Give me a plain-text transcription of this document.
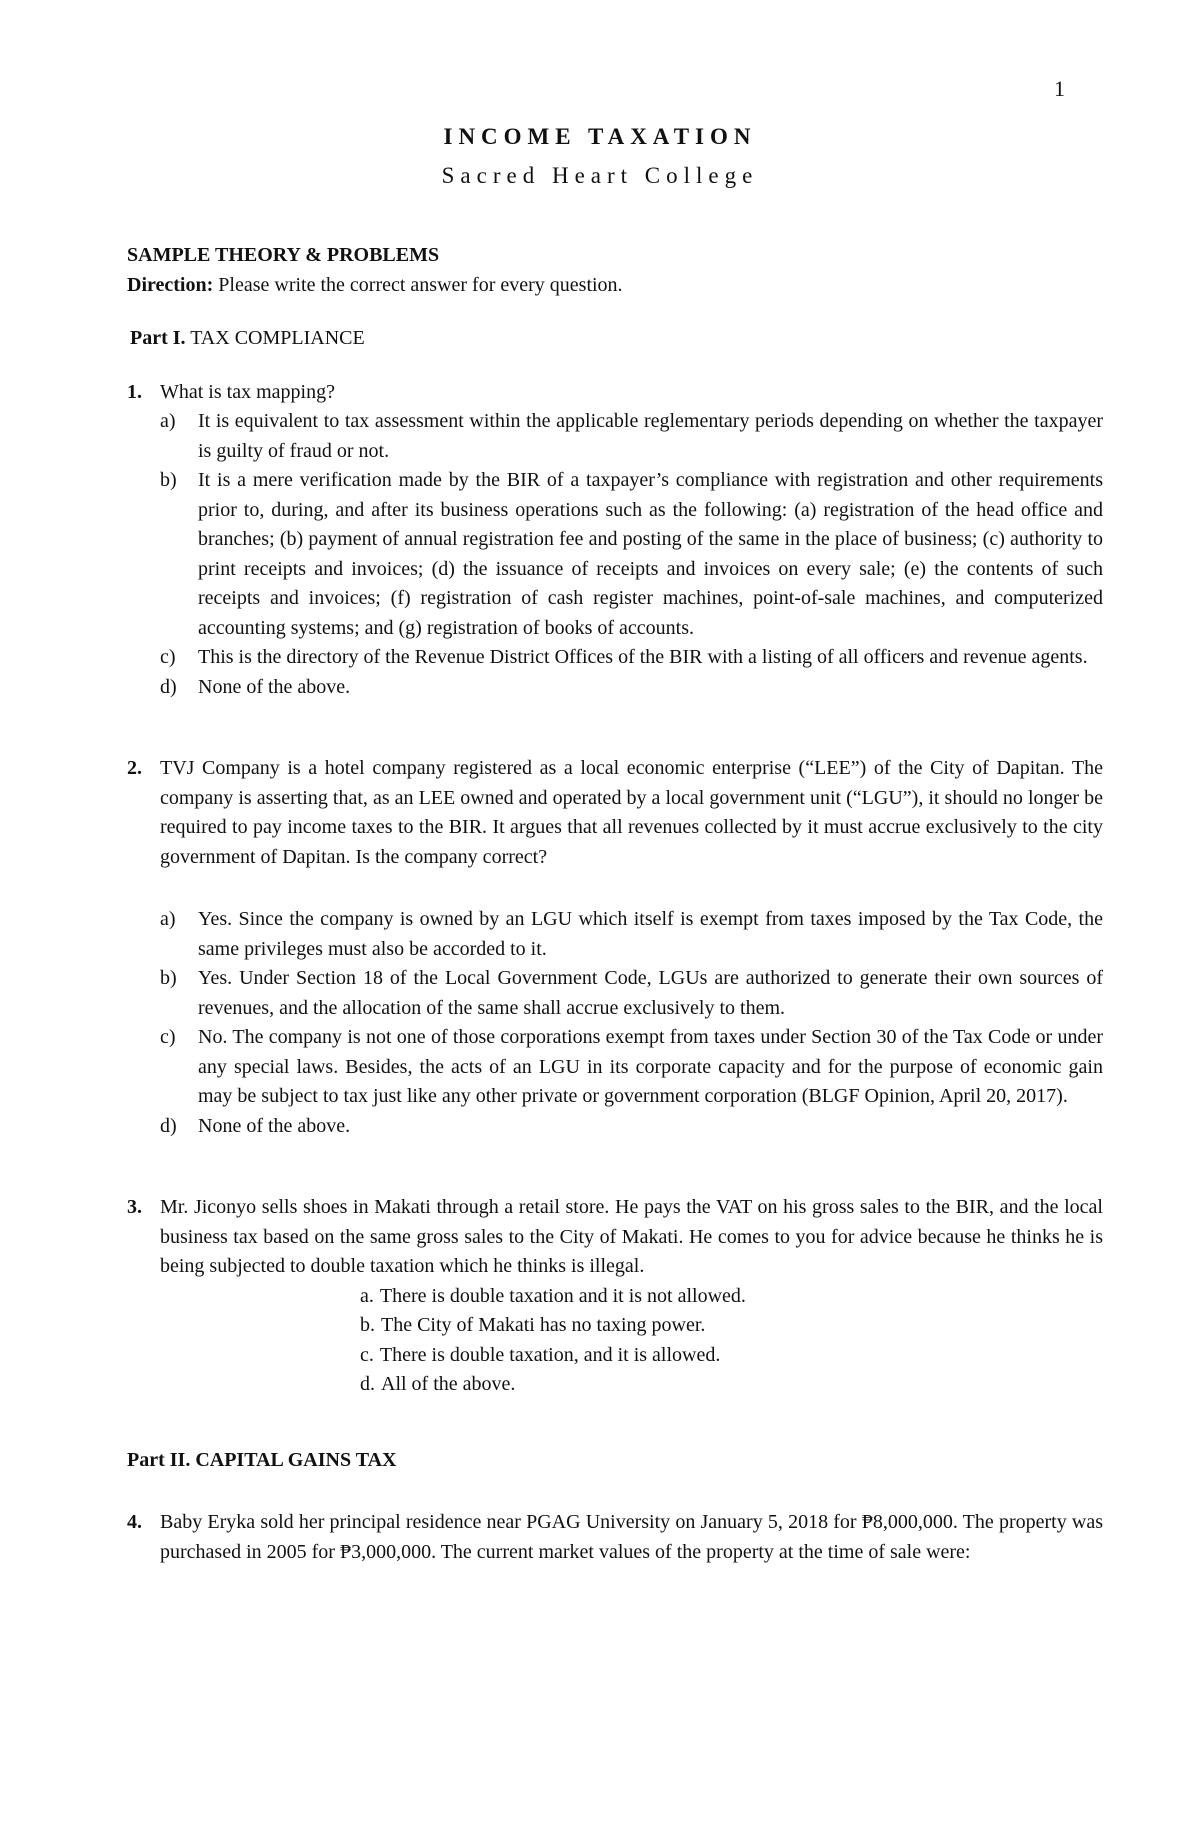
1
INCOME TAXATION
Sacred Heart College

SAMPLE THEORY & PROBLEMS

Direction: Please write the correct answer for every question.

Part I. TAX COMPLIANCE

1. What is tax mapping?
a)	It is equivalent to tax assessment within the applicable reglementary periods depending on whether the taxpayer is guilty of fraud or not.
b)	It is a mere verification made by the BIR of a taxpayer’s compliance with registration and other requirements prior to, during, and after its business operations such as the following: (a) registration of the head office and branches; (b) payment of annual registration fee and posting of the same in the place of business; (c) authority to print receipts and invoices; (d) the issuance of receipts and invoices on every sale; (e) the contents of such receipts and invoices; (f) registration of cash register machines, point-of-sale machines, and computerized accounting systems; and (g) registration of books of accounts.
c)	This is the directory of the Revenue District Offices of the BIR with a listing of all officers and revenue agents.
d)	None of the above.
2. TVJ Company is a hotel company registered as a local economic enterprise (“LEE”) of the City of Dapitan. The company is asserting that, as an LEE owned and operated by a local government unit (“LGU”), it should no longer be required to pay income taxes to the BIR. It argues that all revenues collected by it must accrue exclusively to the city government of Dapitan. Is the company correct?
a)	Yes. Since the company is owned by an LGU which itself is exempt from taxes imposed by the Tax Code, the same privileges must also be accorded to it.
b)	Yes. Under Section 18 of the Local Government Code, LGUs are authorized to generate their own sources of revenues, and the allocation of the same shall accrue exclusively to them.
c)	No. The company is not one of those corporations exempt from taxes under Section 30 of the Tax Code or under any special laws. Besides, the acts of an LGU in its corporate capacity and for the purpose of economic gain may be subject to tax just like any other private or government corporation (BLGF Opinion, April 20, 2017).
d)	None of the above.
3. Mr. Jiconyo sells shoes in Makati through a retail store. He pays the VAT on his gross sales to the BIR, and the local business tax based on the same gross sales to the City of Makati. He comes to you for advice because he thinks he is being subjected to double taxation which he thinks is illegal.
a. There is double taxation and it is not allowed.
b. The City of Makati has no taxing power.
c. There is double taxation, and it is allowed.
d. All of the above.

Part II. CAPITAL GAINS TAX

4. Baby Eryka sold her principal residence near PGAG University on January 5, 2018 for ₱8,000,000. The property was purchased in 2005 for ₱3,000,000. The current market values of the property at the time of sale were:
